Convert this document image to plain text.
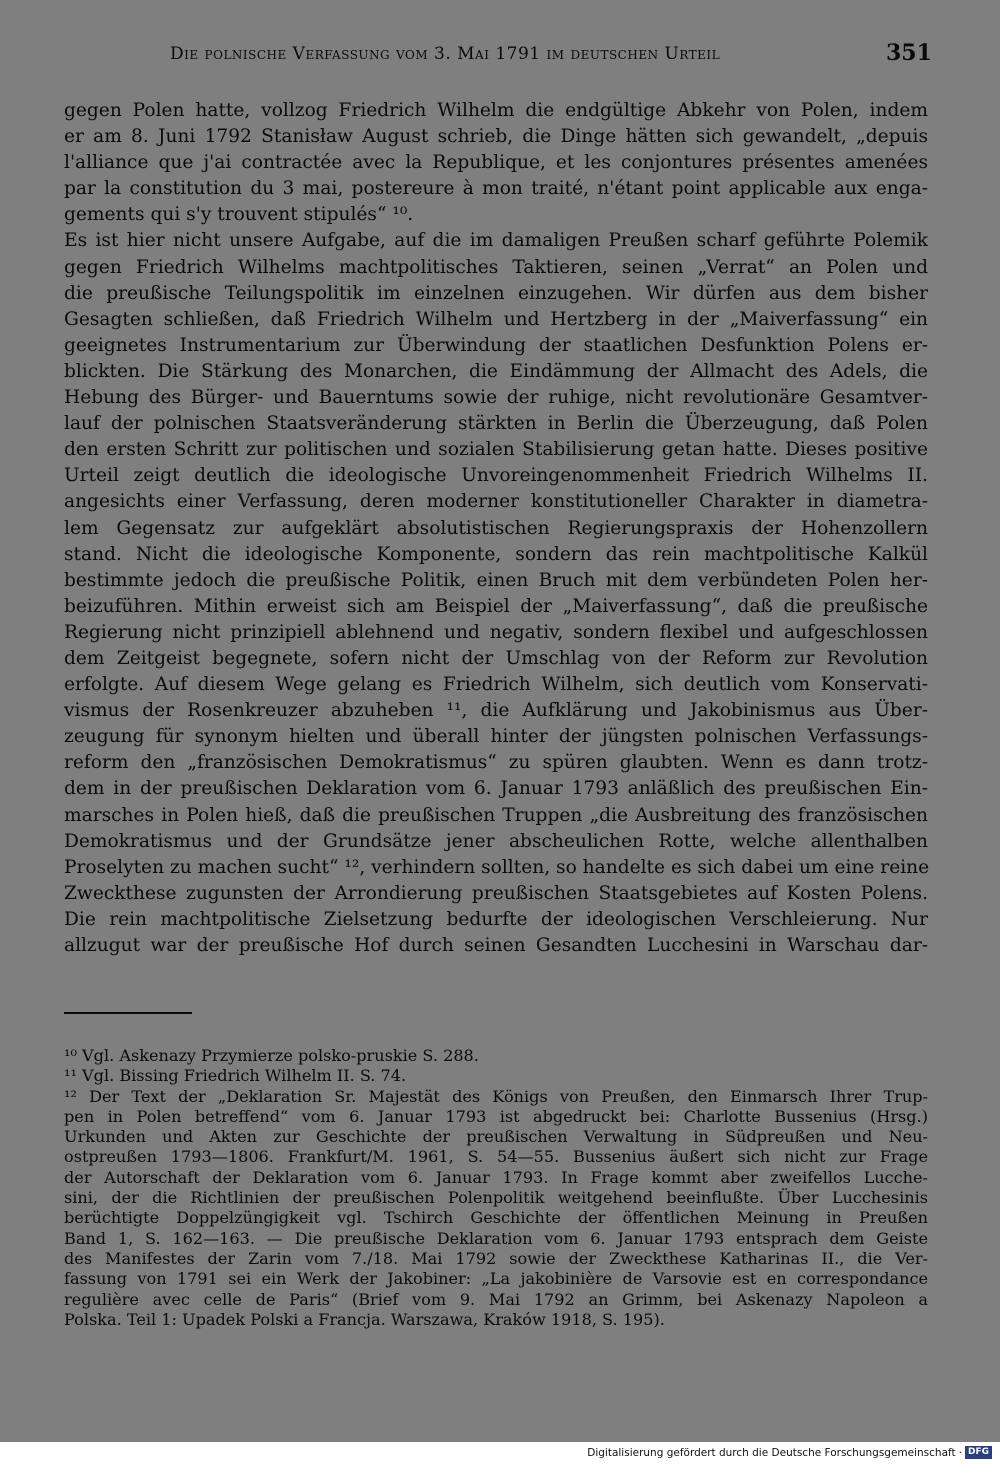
Die polnische Verfassung vom 3. Mai 1791 im deutschen Urteil	351
gegen Polen hatte, vollzog Friedrich Wilhelm die endgültige Abkehr von Polen, indem
er am 8. Juni 1792 Stanisław August schrieb, die Dinge hätten sich gewandelt, „depuis
l'alliance que j'ai contractée avec la Republique, et les conjontures présentes amenées
par la constitution du 3 mai, postereure à mon traité, n'étant point applicable aux enga-
gements qui s'y trouvent stipulés“ ¹⁰.
Es ist hier nicht unsere Aufgabe, auf die im damaligen Preußen scharf geführte Polemik
gegen Friedrich Wilhelms machtpolitisches Taktieren, seinen „Verrat“ an Polen und
die preußische Teilungspolitik im einzelnen einzugehen. Wir dürfen aus dem bisher
Gesagten schließen, daß Friedrich Wilhelm und Hertzberg in der „Maiverfassung“ ein
geeignetes Instrumentarium zur Überwindung der staatlichen Desfunktion Polens er-
blickten. Die Stärkung des Monarchen, die Eindämmung der Allmacht des Adels, die
Hebung des Bürger- und Bauerntums sowie der ruhige, nicht revolutionäre Gesamtver-
lauf der polnischen Staatsveränderung stärkten in Berlin die Überzeugung, daß Polen
den ersten Schritt zur politischen und sozialen Stabilisierung getan hatte. Dieses positive
Urteil zeigt deutlich die ideologische Unvoreingenommenheit Friedrich Wilhelms II.
angesichts einer Verfassung, deren moderner konstitutioneller Charakter in diametra-
lem Gegensatz zur aufgeklärt absolutistischen Regierungspraxis der Hohenzollern
stand. Nicht die ideologische Komponente, sondern das rein machtpolitische Kalkül
bestimmte jedoch die preußische Politik, einen Bruch mit dem verbündeten Polen her-
beizuführen. Mithin erweist sich am Beispiel der „Maiverfassung“, daß die preußische
Regierung nicht prinzipiell ablehnend und negativ, sondern flexibel und aufgeschlossen
dem Zeitgeist begegnete, sofern nicht der Umschlag von der Reform zur Revolution
erfolgte. Auf diesem Wege gelang es Friedrich Wilhelm, sich deutlich vom Konservati-
vismus der Rosenkreuzer abzuheben ¹¹, die Aufklärung und Jakobinismus aus Über-
zeugung für synonym hielten und überall hinter der jüngsten polnischen Verfassungs-
reform den „französischen Demokratismus“ zu spüren glaubten. Wenn es dann trotz-
dem in der preußischen Deklaration vom 6. Januar 1793 anläßlich des preußischen Ein-
marsches in Polen hieß, daß die preußischen Truppen „die Ausbreitung des französischen
Demokratismus und der Grundsätze jener abscheulichen Rotte, welche allenthalben
Proselyten zu machen sucht“ ¹², verhindern sollten, so handelte es sich dabei um eine reine
Zweckthese zugunsten der Arrondierung preußischen Staatsgebietes auf Kosten Polens.
Die rein machtpolitische Zielsetzung bedurfte der ideologischen Verschleierung. Nur
allzugut war der preußische Hof durch seinen Gesandten Lucchesini in Warschau dar-
¹⁰ Vgl. Askenazy Przymierze polsko-pruskie S. 288.
¹¹ Vgl. Bissing Friedrich Wilhelm II. S. 74.
¹² Der Text der „Deklaration Sr. Majestät des Königs von Preußen, den Einmarsch Ihrer Trup-
pen in Polen betreffend“ vom 6. Januar 1793 ist abgedruckt bei: Charlotte Bussenius (Hrsg.)
Urkunden und Akten zur Geschichte der preußischen Verwaltung in Südpreußen und Neu-
ostpreußen 1793—1806. Frankfurt/M. 1961, S. 54—55. Bussenius äußert sich nicht zur Frage
der Autorschaft der Deklaration vom 6. Januar 1793. In Frage kommt aber zweifellos Lucche-
sini, der die Richtlinien der preußischen Polenpolitik weitgehend beeinflußte. Über Lucchesinis
berüchtigte Doppelzüngigkeit vgl. Tschirch Geschichte der öffentlichen Meinung in Preußen
Band 1, S. 162—163. — Die preußische Deklaration vom 6. Januar 1793 entsprach dem Geiste
des Manifestes der Zarin vom 7./18. Mai 1792 sowie der Zweckthese Katharinas II., die Ver-
fassung von 1791 sei ein Werk der Jakobiner: „La jakobinière de Varsovie est en correspondance
regulière avec celle de Paris“ (Brief vom 9. Mai 1792 an Grimm, bei Askenazy Napoleon a
Polska. Teil 1: Upadek Polski a Francja. Warszawa, Kraków 1918, S. 195).
Digitalisierung gefördert durch die Deutsche Forschungsgemeinschaft · DFG
